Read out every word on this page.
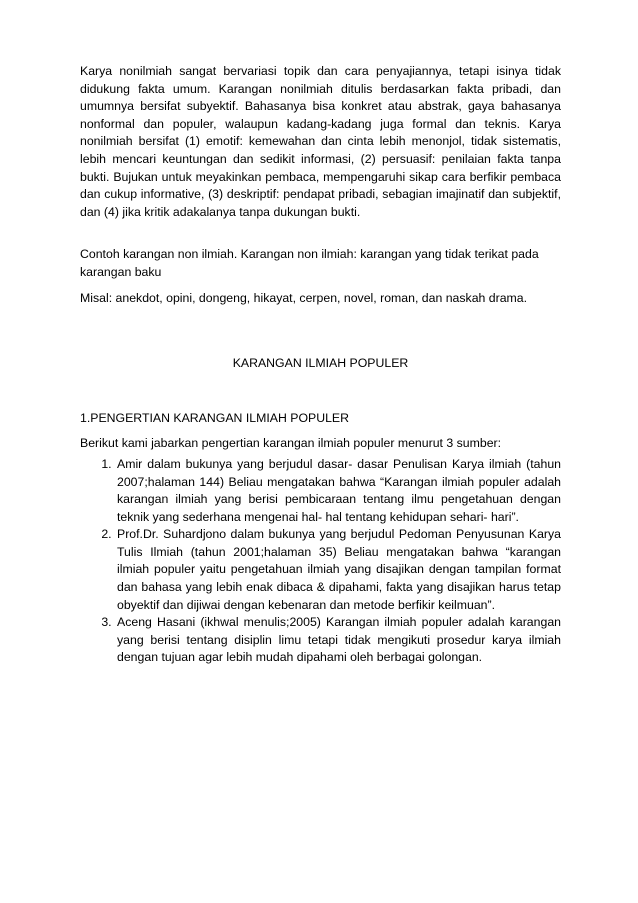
Karya nonilmiah sangat bervariasi topik dan cara penyajiannya, tetapi isinya tidak didukung fakta umum. Karangan nonilmiah ditulis berdasarkan fakta pribadi, dan umumnya bersifat subyektif. Bahasanya bisa konkret atau abstrak, gaya bahasanya nonformal dan populer, walaupun kadang-kadang juga formal dan teknis. Karya nonilmiah bersifat (1) emotif: kemewahan dan cinta lebih menonjol, tidak sistematis, lebih mencari keuntungan dan sedikit informasi, (2) persuasif: penilaian fakta tanpa bukti. Bujukan untuk meyakinkan pembaca, mempengaruhi sikap cara berfikir pembaca dan cukup informative, (3) deskriptif: pendapat pribadi, sebagian imajinatif dan subjektif, dan (4) jika kritik adakalanya tanpa dukungan bukti.

Contoh karangan non ilmiah. Karangan non ilmiah: karangan yang tidak terikat pada karangan baku

Misal: anekdot, opini, dongeng, hikayat, cerpen, novel, roman, dan naskah drama.

KARANGAN ILMIAH POPULER

1.PENGERTIAN KARANGAN ILMIAH POPULER

Berikut kami jabarkan pengertian karangan ilmiah populer menurut 3 sumber:

1. Amir dalam bukunya yang berjudul dasar- dasar Penulisan Karya ilmiah (tahun 2007;halaman 144) Beliau mengatakan bahwa “Karangan ilmiah populer adalah karangan ilmiah yang berisi pembicaraan tentang ilmu pengetahuan dengan teknik yang sederhana mengenai hal- hal tentang kehidupan sehari- hari”.
2. Prof.Dr. Suhardjono dalam bukunya yang berjudul Pedoman Penyusunan Karya Tulis Ilmiah (tahun 2001;halaman 35) Beliau mengatakan bahwa “karangan ilmiah populer yaitu pengetahuan ilmiah yang disajikan dengan tampilan format dan bahasa yang lebih enak dibaca & dipahami, fakta yang disajikan harus tetap obyektif dan dijiwai dengan kebenaran dan metode berfikir keilmuan”.
3. Aceng Hasani (ikhwal menulis;2005) Karangan ilmiah populer adalah karangan yang berisi tentang disiplin limu tetapi tidak mengikuti prosedur karya ilmiah dengan tujuan agar lebih mudah dipahami oleh berbagai golongan.
